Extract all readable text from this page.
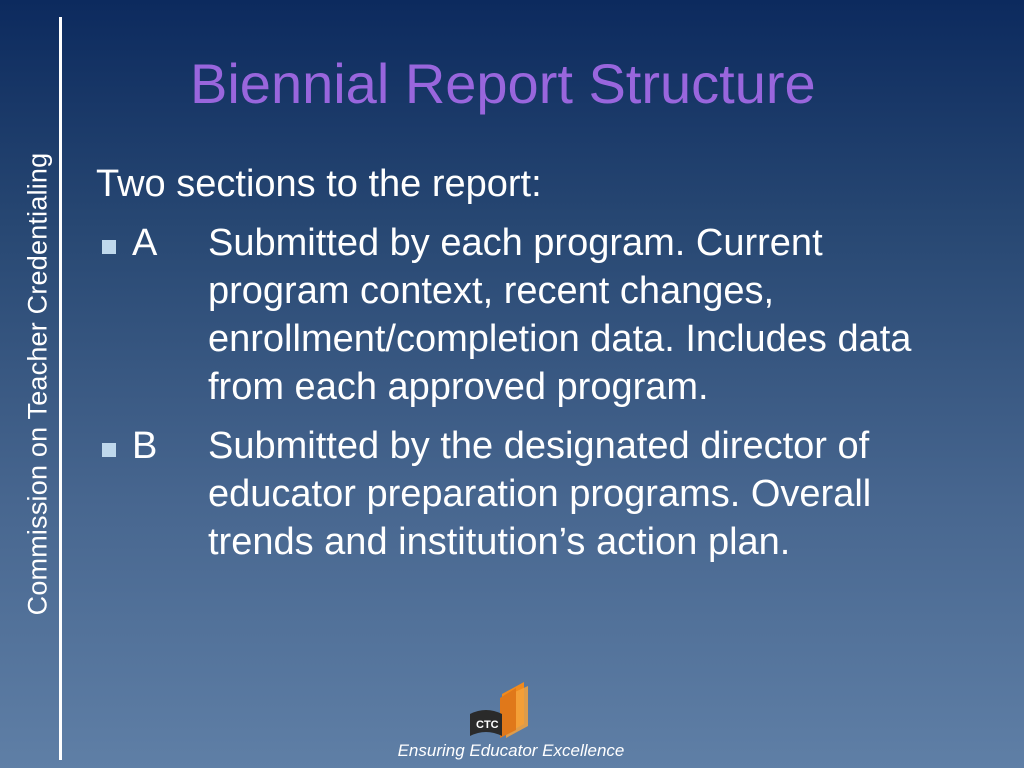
Commission on Teacher Credentialing
Biennial Report Structure
Two sections to the report:
A	Submitted by each program. Current program context, recent changes, enrollment/completion data. Includes data from each approved program.
B	Submitted by the designated director of educator preparation programs. Overall trends and institution’s action plan.
CTC
Ensuring Educator Excellence
